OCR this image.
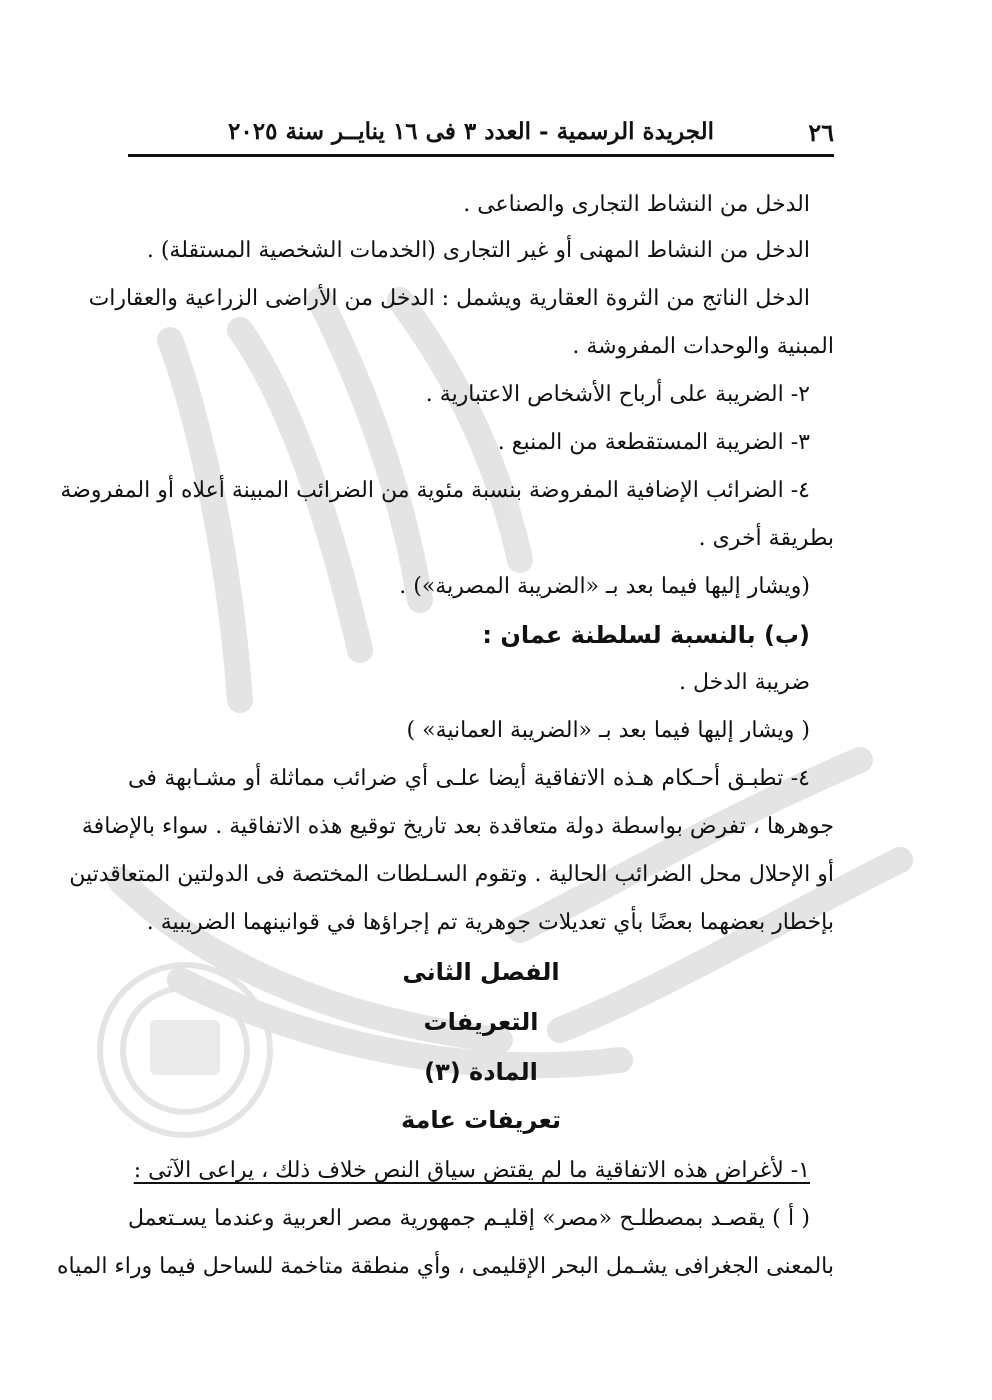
٢٦
الجريدة الرسمية - العدد ٣ فى ١٦ ينايــر سنة ٢٠٢٥
الدخل من النشاط التجارى والصناعى .
الدخل من النشاط المهنى أو غير التجارى (الخدمات الشخصية المستقلة) .
الدخل الناتج من الثروة العقارية ويشمل : الدخل من الأراضى الزراعية والعقارات
المبنية والوحدات المفروشة .
٢- الضريبة على أرباح الأشخاص الاعتبارية .
٣- الضريبة المستقطعة من المنبع .
٤- الضرائب الإضافية المفروضة بنسبة مئوية من الضرائب المبينة أعلاه أو المفروضة
بطريقة أخرى .
(ويشار إليها فيما بعد بـ «الضريبة المصرية») .
(ب) بالنسبة لسلطنة عمان :
ضريبة الدخل .
( ويشار إليها فيما بعد بـ «الضريبة العمانية» )
٤- تطبـق أحـكام هـذه الاتفاقية أيضا علـى أي ضرائب مماثلة أو مشـابهة فى
جوهرها ، تفرض بواسطة دولة متعاقدة بعد تاريخ توقيع هذه الاتفاقية . سواء بالإضافة
أو الإحلال محل الضرائب الحالية . وتقوم السـلطات المختصة فى الدولتين المتعاقدتين
بإخطار بعضهما بعضًا بأي تعديلات جوهرية تم إجراؤها في قوانينهما الضريبية .
الفصل الثانى
التعريفات
المادة (٣)
تعريفات عامة
١- لأغراض هذه الاتفاقية ما لم يقتض سياق النص خلاف ذلك ، يراعى الآتى :
( أ ) يقصـد بمصطلـح «مصر» إقليـم جمهورية مصر العربية وعندما يسـتعمل
بالمعنى الجغرافى يشـمل البحر الإقليمى ، وأي منطقة متاخمة للساحل فيما وراء المياه
